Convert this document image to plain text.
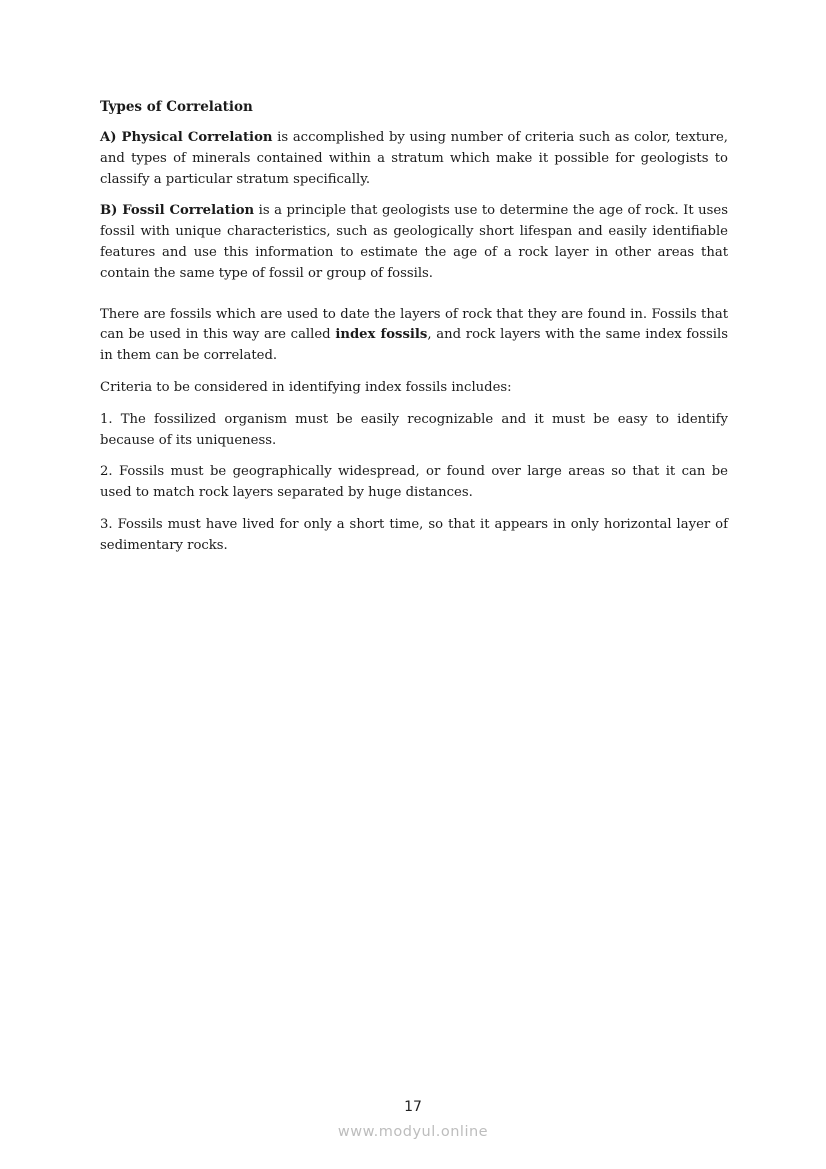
Types of Correlation

A) Physical Correlation is accomplished by using number of criteria such as color, texture, and types of minerals contained within a stratum which make it possible for geologists to classify a particular stratum specifically.

B) Fossil Correlation is a principle that geologists use to determine the age of rock. It uses fossil with unique characteristics, such as geologically short lifespan and easily identifiable features and use this information to estimate the age of a rock layer in other areas that contain the same type of fossil or group of fossils.

There are fossils which are used to date the layers of rock that they are found in. Fossils that can be used in this way are called index fossils, and rock layers with the same index fossils in them can be correlated.

Criteria to be considered in identifying index fossils includes:

1. The fossilized organism must be easily recognizable and it must be easy to identify because of its uniqueness.

2. Fossils must be geographically widespread, or found over large areas so that it can be used to match rock layers separated by huge distances.

3. Fossils must have lived for only a short time, so that it appears in only horizontal layer of sedimentary rocks.

17
www.modyul.online
